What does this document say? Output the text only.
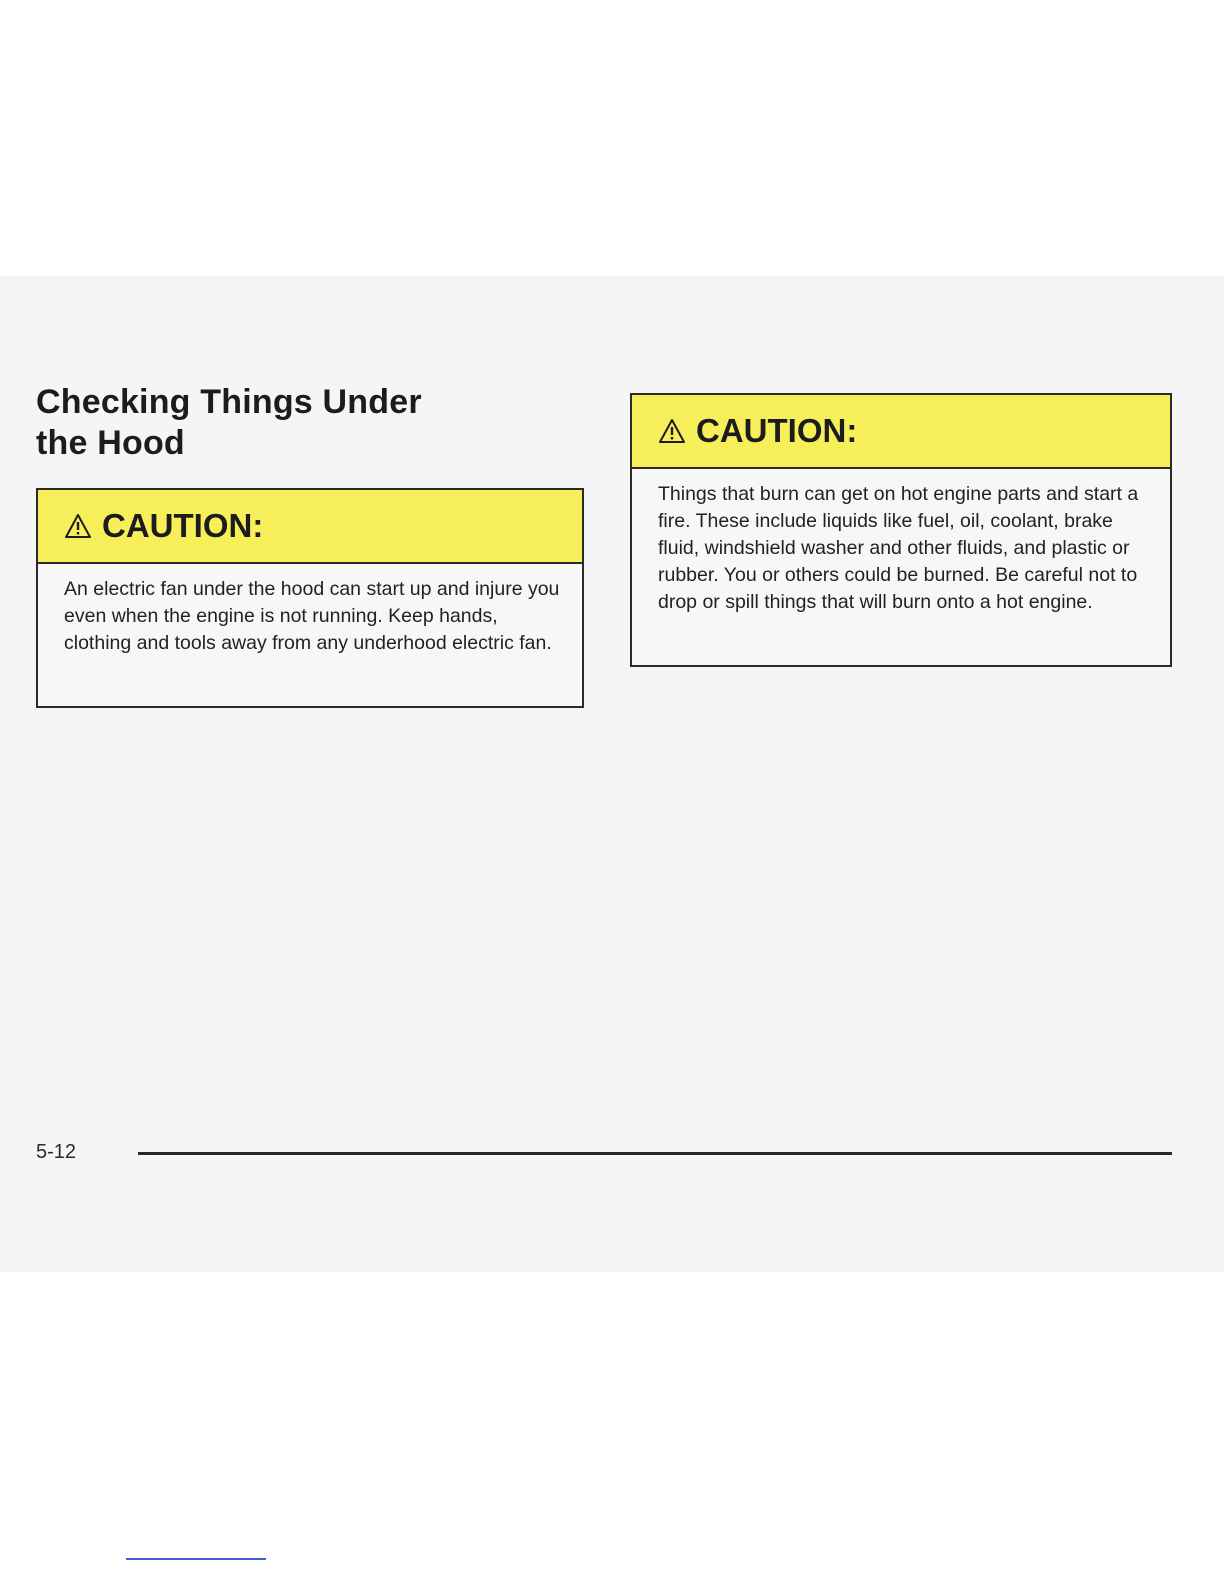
Checking Things Under
the Hood
CAUTION:
An electric fan under the hood can start up and injure you even when the engine is not running. Keep hands, clothing and tools away from any underhood electric fan.
CAUTION:
Things that burn can get on hot engine parts and start a fire. These include liquids like fuel, oil, coolant, brake fluid, windshield washer and other fluids, and plastic or rubber. You or others could be burned. Be careful not to drop or spill things that will burn onto a hot engine.
5-12
